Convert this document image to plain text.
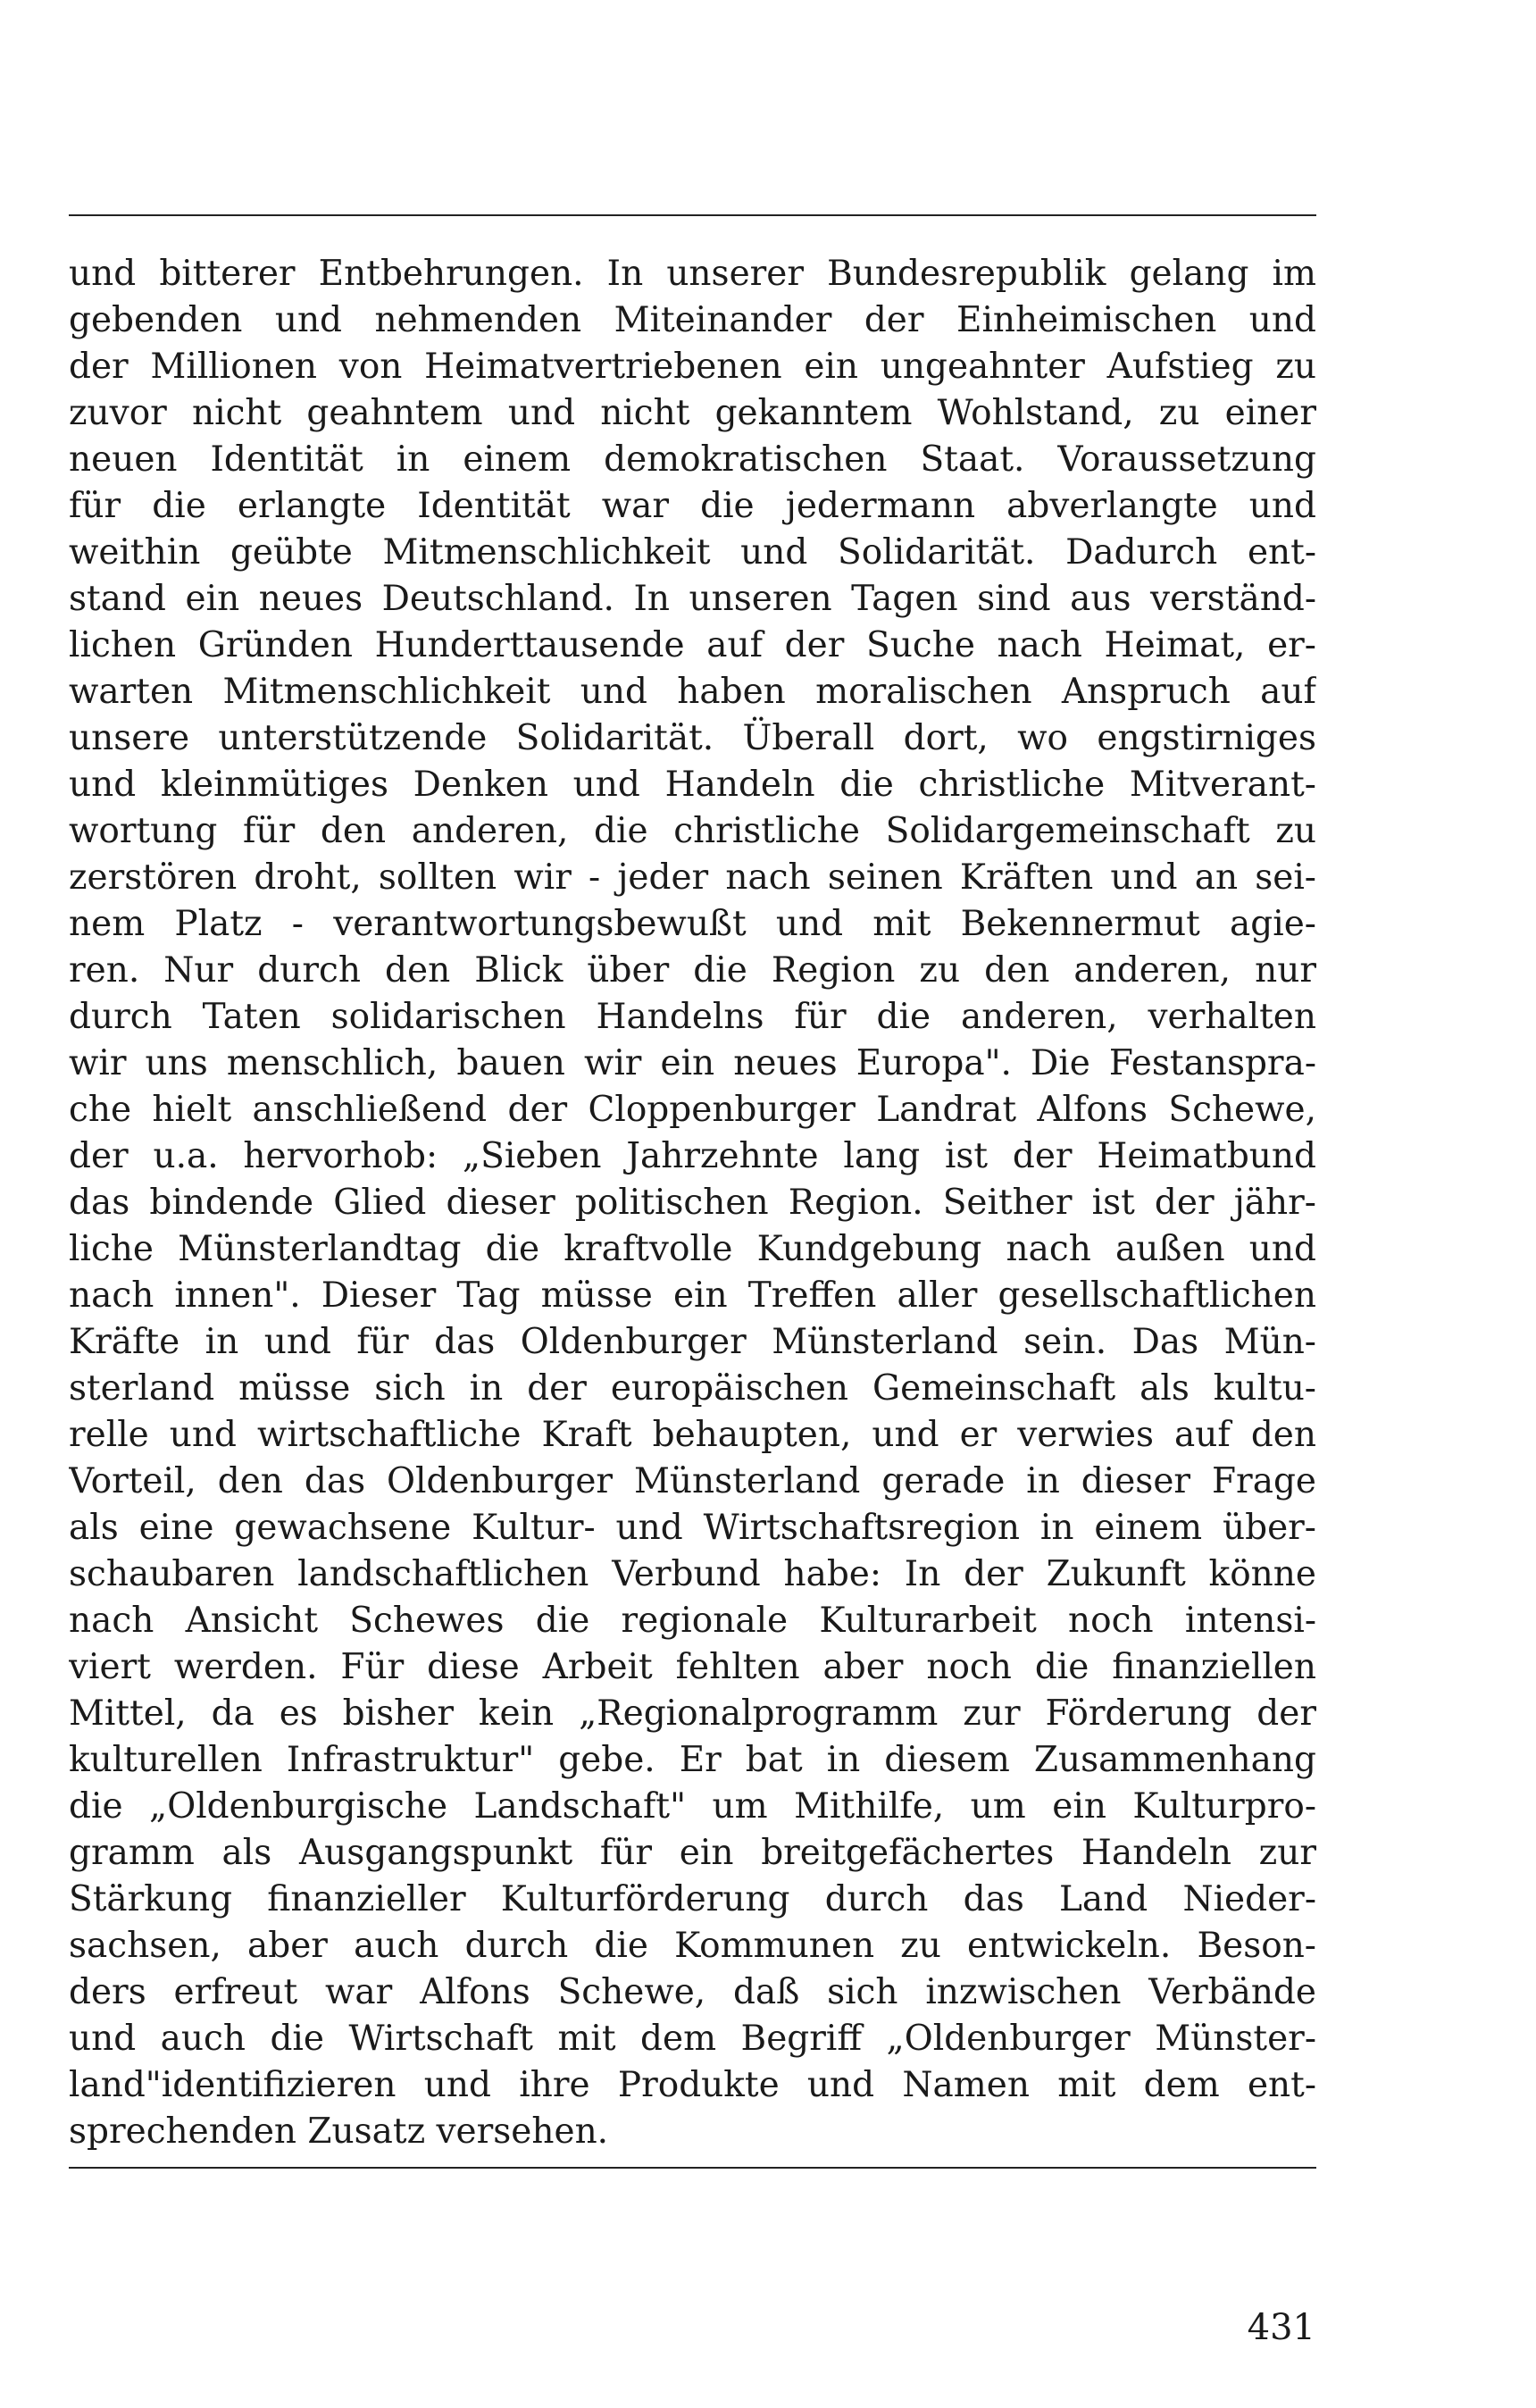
und bitterer Entbehrungen. In unserer Bundesrepublik gelang im
gebenden und nehmenden Miteinander der Einheimischen und
der Millionen von Heimatvertriebenen ein ungeahnter Aufstieg zu
zuvor nicht geahntem und nicht gekanntem Wohlstand, zu einer
neuen Identität in einem demokratischen Staat. Voraussetzung
für die erlangte Identität war die jedermann abverlangte und
weithin geübte Mitmenschlichkeit und Solidarität. Dadurch ent-
stand ein neues Deutschland. In unseren Tagen sind aus verständ-
lichen Gründen Hunderttausende auf der Suche nach Heimat, er-
warten Mitmenschlichkeit und haben moralischen Anspruch auf
unsere unterstützende Solidarität. Überall dort, wo engstirniges
und kleinmütiges Denken und Handeln die christliche Mitverant-
wortung für den anderen, die christliche Solidargemeinschaft zu
zerstören droht, sollten wir - jeder nach seinen Kräften und an sei-
nem Platz - verantwortungsbewußt und mit Bekennermut agie-
ren. Nur durch den Blick über die Region zu den anderen, nur
durch Taten solidarischen Handelns für die anderen, verhalten
wir uns menschlich, bauen wir ein neues Europa". Die Festanspra-
che hielt anschließend der Cloppenburger Landrat Alfons Schewe,
der u.a. hervorhob: „Sieben Jahrzehnte lang ist der Heimatbund
das bindende Glied dieser politischen Region. Seither ist der jähr-
liche Münsterlandtag die kraftvolle Kundgebung nach außen und
nach innen". Dieser Tag müsse ein Treffen aller gesellschaftlichen
Kräfte in und für das Oldenburger Münsterland sein. Das Mün-
sterland müsse sich in der europäischen Gemeinschaft als kultu-
relle und wirtschaftliche Kraft behaupten, und er verwies auf den
Vorteil, den das Oldenburger Münsterland gerade in dieser Frage
als eine gewachsene Kultur- und Wirtschaftsregion in einem über-
schaubaren landschaftlichen Verbund habe: In der Zukunft könne
nach Ansicht Schewes die regionale Kulturarbeit noch intensi-
viert werden. Für diese Arbeit fehlten aber noch die finanziellen
Mittel, da es bisher kein „Regionalprogramm zur Förderung der
kulturellen Infrastruktur" gebe. Er bat in diesem Zusammenhang
die „Oldenburgische Landschaft" um Mithilfe, um ein Kulturpro-
gramm als Ausgangspunkt für ein breitgefächertes Handeln zur
Stärkung finanzieller Kulturförderung durch das Land Nieder-
sachsen, aber auch durch die Kommunen zu entwickeln. Beson-
ders erfreut war Alfons Schewe, daß sich inzwischen Verbände
und auch die Wirtschaft mit dem Begriff „Oldenburger Münster-
land"identifizieren und ihre Produkte und Namen mit dem ent-
sprechenden Zusatz versehen.
431
